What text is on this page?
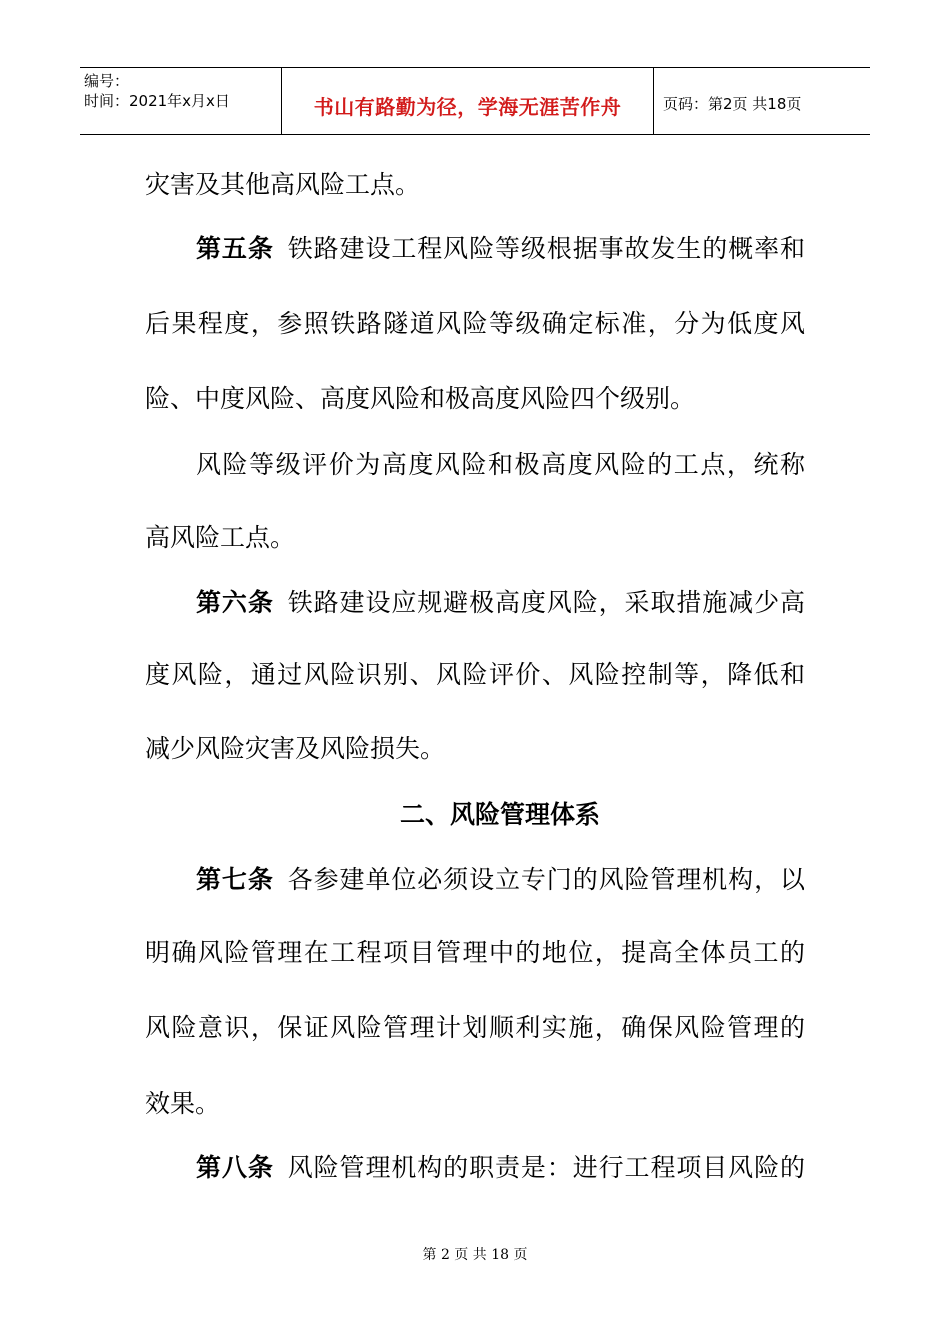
编号：
时间：2021年x月x日	书山有路勤为径，学海无涯苦作舟	页码：第2页 共18页
灾害及其他高风险工点。
第五条 铁路建设工程风险等级根据事故发生的概率和
后果程度，参照铁路隧道风险等级确定标准，分为低度风
险、中度风险、高度风险和极高度风险四个级别。
风险等级评价为高度风险和极高度风险的工点，统称
高风险工点。
第六条 铁路建设应规避极高度风险，采取措施减少高
度风险，通过风险识别、风险评价、风险控制等，降低和
减少风险灾害及风险损失。
二、风险管理体系
第七条 各参建单位必须设立专门的风险管理机构，以
明确风险管理在工程项目管理中的地位，提高全体员工的
风险意识，保证风险管理计划顺利实施，确保风险管理的
效果。
第八条 风险管理机构的职责是：进行工程项目风险的
第 2 页 共 18 页
